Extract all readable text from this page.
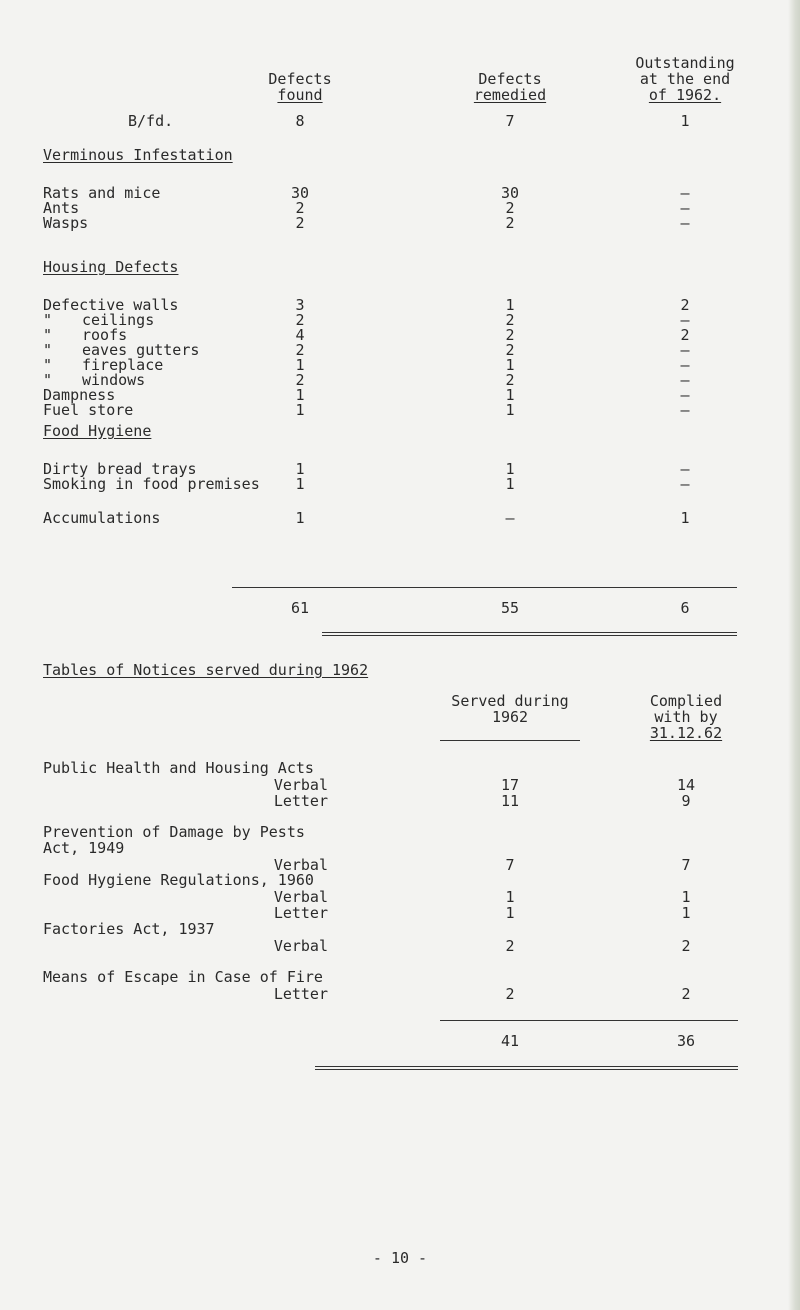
Defects
found
Defects
remedied
Outstanding
at the end
of 1962.
B/fd.	8	7	1
Verminous Infestation
Rats and mice	30	30	–
Ants	2	2	–
Wasps	2	2	–
Housing Defects
Defective walls	3	1	2
" ceilings	2	2	–
" roofs	4	2	2
" eaves gutters	2	2	–
" fireplace	1	1	–
" windows	2	2	–
Dampness	1	1	–
Fuel store	1	1	–
Food Hygiene
Dirty bread trays	1	1	–
Smoking in food premises 1	1	–
Accumulations	1	–	1
61	55	6
Tables of Notices served during 1962
Served during
1962
Complied
with by
31.12.62
Public Health and Housing Acts
Verbal	17	14
Letter	11	9
Prevention of Damage by Pests
Act, 1949
Verbal	7	7
Food Hygiene Regulations, 1960
Verbal	1	1
Letter	1	1
Factories Act, 1937
Verbal	2	2
Means of Escape in Case of Fire
Letter	2	2
41	36
- 10 -
